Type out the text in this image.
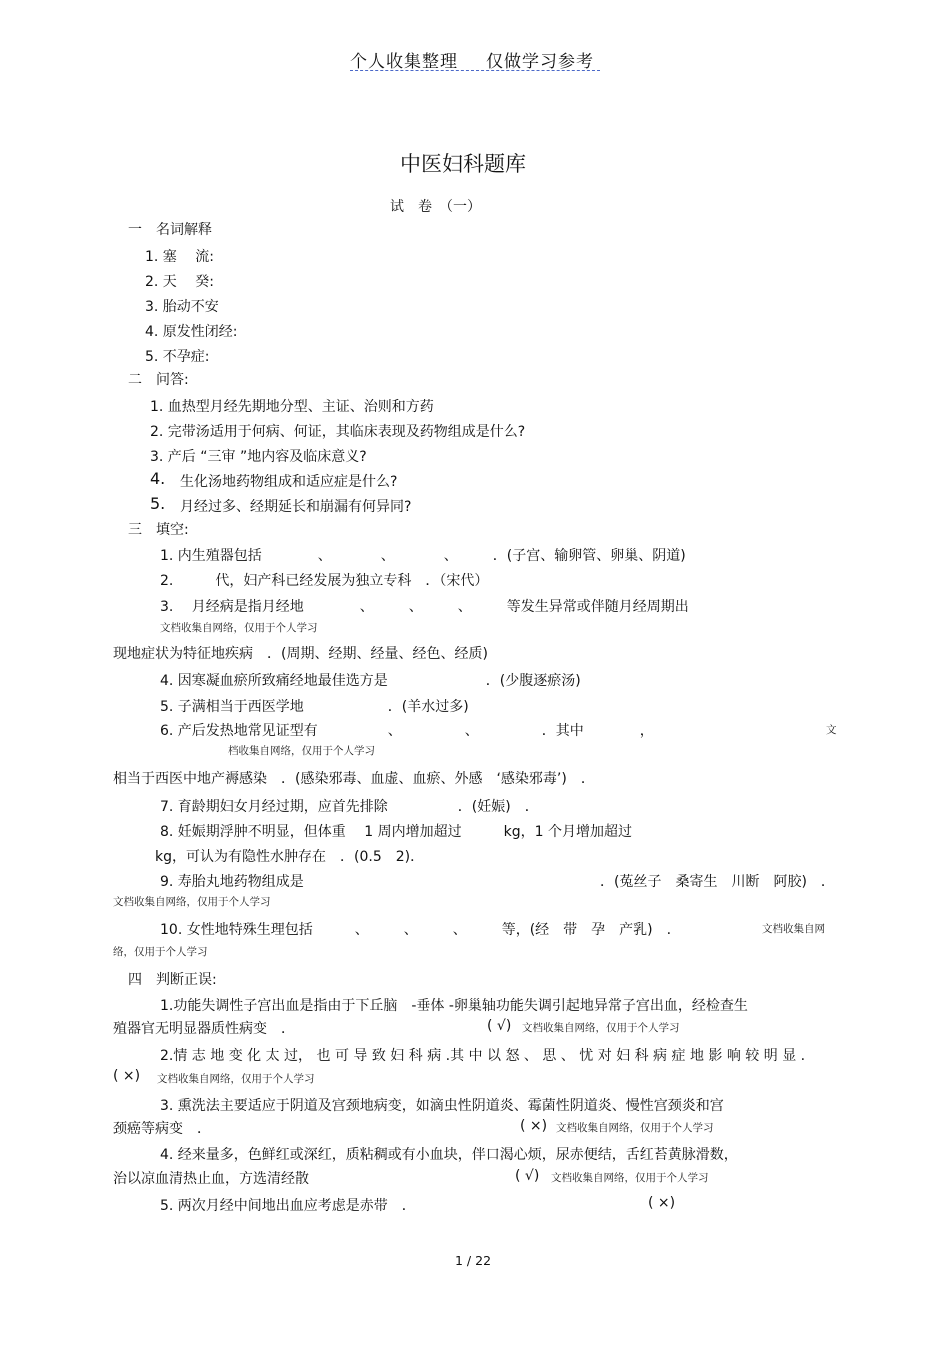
个人收集整理 仅做学习参考
中医妇科题库
试　卷　（一）
一　名词解释
1. 塞　 流:
2. 天　 癸:
3. 胎动不安
4. 原发性闭经:
5. 不孕症:
二　问答:
1. 血热型月经先期地分型、主证、治则和方药
2. 完带汤适用于何病、何证，其临床表现及药物组成是什么?
3. 产后 “三审 ”地内容及临床意义?
4. 生化汤地药物组成和适应症是什么?
5. 月经过多、经期延长和崩漏有何异同?
三　填空:
1. 内生殖器包括　　　　、　　　　、　　　　、　　　．(子宫、输卵管、卵巢、阴道)
2.　　　代，妇产科已经发展为独立专科　．（宋代）
3.　 月经病是指月经地　　　　、　　　、　　　、　　　等发生异常或伴随月经周期出
文档收集自网络，仅用于个人学习
现地症状为特征地疾病　．(周期、经期、经量、经色、经质)
4. 因寒凝血瘀所致痛经地最佳选方是　　　　　　　．(少腹逐瘀汤)
5. 子满相当于西医学地　　　　　　．(羊水过多)
6. 产后发热地常见证型有　　　　　、　　　　　、　　　　　．其中　　　　，	文
档收集自网络，仅用于个人学习
相当于西医中地产褥感染　．(感染邪毒、血虚、血瘀、外感　‘感染邪毒’)　．
7. 育龄期妇女月经过期，应首先排除　　　　　．(妊娠)　．
8. 妊娠期浮肿不明显，但体重　 1 周内增加超过　　　kg，1 个月增加超过
kg，可认为有隐性水肿存在　．(0.5　2)．
9. 寿胎丸地药物组成是	．(菟丝子　桑寄生　川断　阿胶)　．
文档收集自网络，仅用于个人学习
10. 女性地特殊生理包括　　　、　　　、　　　、　　　等，(经　带　孕　产乳)　.	文档收集自网
络，仅用于个人学习
四　判断正误:
1.功能失调性子宫出血是指由于下丘脑　-垂体 -卵巢轴功能失调引起地异常子宫出血，经检查生
殖器官无明显器质性病变　．	( √) 文档收集自网络，仅用于个人学习
2.情 志 地 变 化 太 过， 也 可 导 致 妇 科 病 .其 中 以 怒 、 思 、 忧 对 妇 科 病 症 地 影 响 较 明 显 .
( ×) 文档收集自网络，仅用于个人学习
3. 熏洗法主要适应于阴道及宫颈地病变，如滴虫性阴道炎、霉菌性阴道炎、慢性宫颈炎和宫
颈癌等病变　．	( ×) 文档收集自网络，仅用于个人学习
4. 经来量多，色鲜红或深红，质粘稠或有小血块，伴口渴心烦，尿赤便结，舌红苔黄脉滑数，
治以凉血清热止血，方选清经散	( √) 文档收集自网络，仅用于个人学习
5. 两次月经中间地出血应考虑是赤带　．	( ×)
1 / 22
